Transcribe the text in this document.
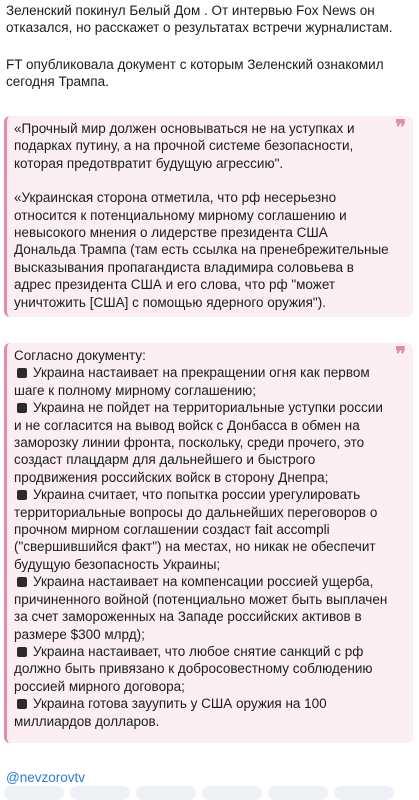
Зеленский покинул Белый Дом . От интервью Fox News он отказался, но расскажет о результатах встречи журналистам.

FT опубликовала документ с которым Зеленский ознакомил сегодня Трампа.

❞

«Прочный мир должен основываться не на уступках и подарках путину, а на прочной системе безопасности, которая предотвратит будущую агрессию".

«Украинская сторона отметила, что рф несерьезно относится к потенциальному мирному соглашению и невысокого мнения о лидерстве президента США Дональда Трампа (там есть ссылка на пренебрежительные высказывания пропагандиста владимира соловьева в адрес президента США и его слова, что рф "может уничтожить [США] с помощью ядерного оружия").

❞

Согласно документу:

Украина настаивает на прекращении огня как первом шаге к полному мирному соглашению;
Украина не пойдет на территориальные уступки россии и не согласится на вывод войск с Донбасса в обмен на заморозку линии фронта, поскольку, среди прочего, это создаст плацдарм для дальнейшего и быстрого продвижения российских войск в сторону Днепра;
Украина считает, что попытка россии урегулировать территориальные вопросы до дальнейших переговоров о прочном мирном соглашении создаст fait accompli ("свершившийся факт") на местах, но никак не обеспечит будущую безопасность Украины;
Украина настаивает на компенсации россией ущерба, причиненного войной (потенциально может быть выплачен за счет замороженных на Западе российских активов в размере $300 млрд);
Украина настаивает, что любое снятие санкций с рф должно быть привязано к добросовестному соблюдению россией мирного договора;
Украина готова зауупить у США оружия на 100 миллиардов долларов.
@nevzorovtv
